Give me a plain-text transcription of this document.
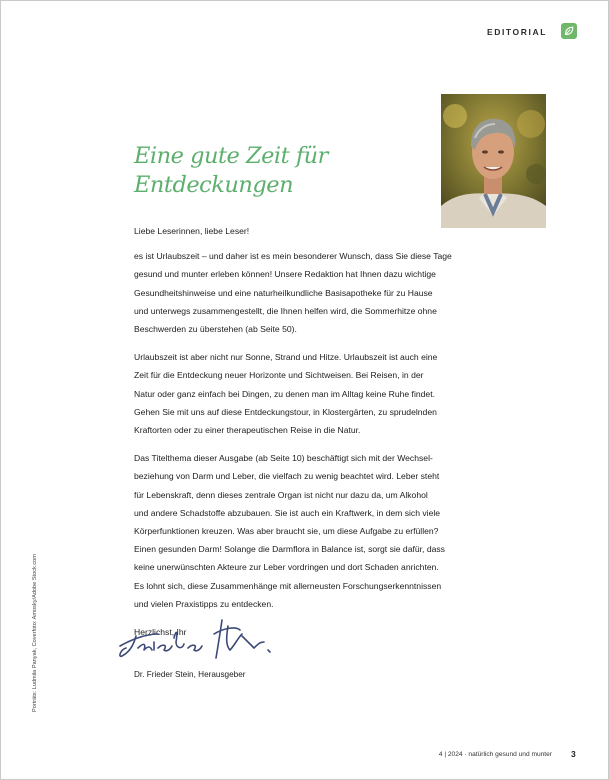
EDITORIAL
Eine gute Zeit für
Entdeckungen

Liebe Leserinnen, liebe Leser!

es ist Urlaubszeit – und daher ist es mein besonderer Wunsch, dass Sie diese Tage
gesund und munter erleben können! Unsere Redaktion hat Ihnen dazu wichtige
Gesundheitshinweise und eine naturheilkundliche Basisapotheke für zu Hause
und unterwegs zusammengestellt, die Ihnen helfen wird, die Sommerhitze ohne
Beschwerden zu überstehen (ab Seite 50).

Urlaubszeit ist aber nicht nur Sonne, Strand und Hitze. Urlaubszeit ist auch eine
Zeit für die Entdeckung neuer Horizonte und Sichtweisen. Bei Reisen, in der
Natur oder ganz einfach bei Dingen, zu denen man im Alltag keine Ruhe findet.
Gehen Sie mit uns auf diese Entdeckungstour, in Klostergärten, zu sprudelnden
Kraftorten oder zu einer therapeutischen Reise in die Natur.

Das Titelthema dieser Ausgabe (ab Seite 10) beschäftigt sich mit der Wechsel-
beziehung von Darm und Leber, die vielfach zu wenig beachtet wird. Leber steht
für Lebenskraft, denn dieses zentrale Organ ist nicht nur dazu da, um Alkohol
und andere Schadstoffe abzubauen. Sie ist auch ein Kraftwerk, in dem sich viele
Körperfunktionen kreuzen. Was aber braucht sie, um diese Aufgabe zu erfüllen?
Einen gesunden Darm! Solange die Darmflora in Balance ist, sorgt sie dafür, dass
keine unerwünschten Akteure zur Leber vordringen und dort Schaden anrichten.
Es lohnt sich, diese Zusammenhänge mit allerneusten Forschungserkenntnissen
und vielen Praxistipps zu entdecken.

Herzlichst, Ihr

Dr. Frieder Stein, Herausgeber
Porträts: Ludmila Panyak, Coverfoto: Amosky/Adobe Stock.com
4 | 2024 · natürlich gesund und munter 3
